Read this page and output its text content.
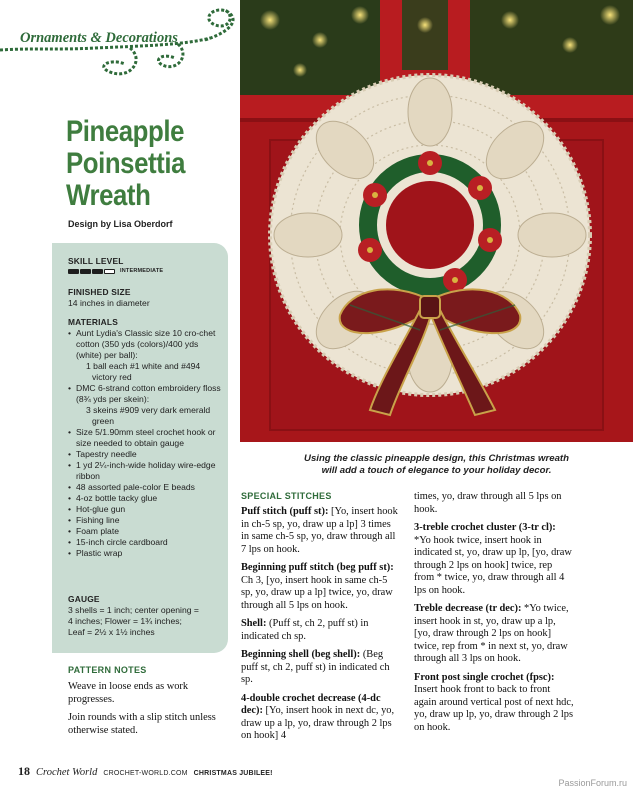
Ornaments & Decorations
Pineapple
Poinsettia
Wreath
Design by Lisa Oberdorf
SKILL LEVEL
INTERMEDIATE
FINISHED SIZE
14 inches in diameter
MATERIALS
• Aunt Lydia's Classic size 10 cro-chet cotton (350 yds (colors)/400 yds (white) per ball):
1 ball each #1 white and #494 victory red
• DMC 6-strand cotton embroidery floss (8¾ yds per skein):
3 skeins #909 very dark emerald green
• Size 5/1.90mm steel crochet hook or size needed to obtain gauge
• Tapestry needle
• 1 yd 2¼-inch-wide holiday wire-edge ribbon
• 48 assorted pale-color E beads
• 4-oz bottle tacky glue
• Hot-glue gun
• Fishing line
• Foam plate
• 15-inch circle cardboard
• Plastic wrap
GAUGE
3 shells = 1 inch; center opening =
4 inches; Flower = 1¾ inches;
Leaf = 2½ x 1½ inches
Using the classic pineapple design, this Christmas wreath
will add a touch of elegance to your holiday decor.
PATTERN NOTES

Weave in loose ends as work progresses.

Join rounds with a slip stitch unless otherwise stated.

SPECIAL STITCHES

Puff stitch (puff st): [Yo, insert hook in ch-5 sp, yo, draw up a lp] 3 times in same ch-5 sp, yo, draw through all 7 lps on hook.

Beginning puff stitch (beg puff st): Ch 3, [yo, insert hook in same ch-5 sp, yo, draw up a lp] twice, yo, draw through all 5 lps on hook.

Shell: (Puff st, ch 2, puff st) in indicated ch sp.

Beginning shell (beg shell): (Beg puff st, ch 2, puff st) in indicated ch sp.

4-double crochet decrease (4-dc dec): [Yo, insert hook in next dc, yo, draw up a lp, yo, draw through 2 lps on hook] 4

times, yo, draw through all 5 lps on hook.

3-treble crochet cluster (3-tr cl): *Yo hook twice, insert hook in indicated st, yo, draw up lp, [yo, draw through 2 lps on hook] twice, rep from * twice, yo, draw through all 4 lps on hook.

Treble decrease (tr dec): *Yo twice, insert hook in st, yo, draw up a lp, [yo, draw through 2 lps on hook] twice, rep from * in next st, yo, draw through all 3 lps on hook.

Front post single crochet (fpsc): Insert hook front to back to front again around vertical post of next hdc, yo, draw up lp, yo, draw through 2 lps on hook.

18 Crochet World CROCHET-WORLD.COM CHRISTMAS JUBILEE!
PassionForum.ru
